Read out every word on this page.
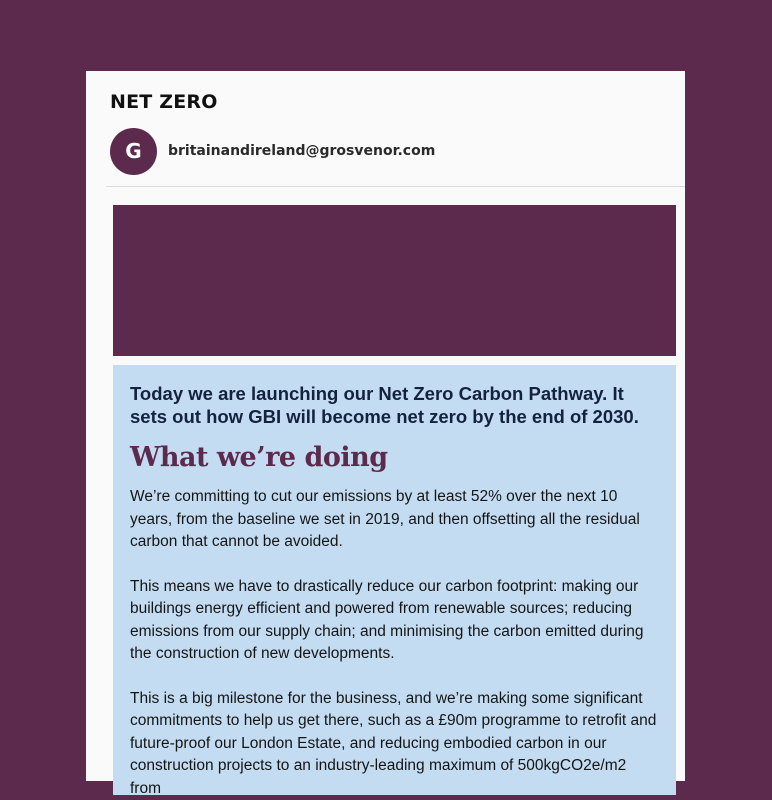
NET ZERO
G britainandireland@grosvenor.com

Today we are launching our Net Zero Carbon Pathway. It sets out how GBI will become net zero by the end of 2030.

What we’re doing

We’re committing to cut our emissions by at least 52% over the next 10 years, from the baseline we set in 2019, and then offsetting all the residual carbon that cannot be avoided.

This means we have to drastically reduce our carbon footprint: making our buildings energy efficient and powered from renewable sources; reducing emissions from our supply chain; and minimising the carbon emitted during the construction of new developments.

This is a big milestone for the business, and we’re making some significant commitments to help us get there, such as a £90m programme to retrofit and future-proof our London Estate, and reducing embodied carbon in our construction projects to an industry-leading maximum of 500kgCO2e/m2 from
